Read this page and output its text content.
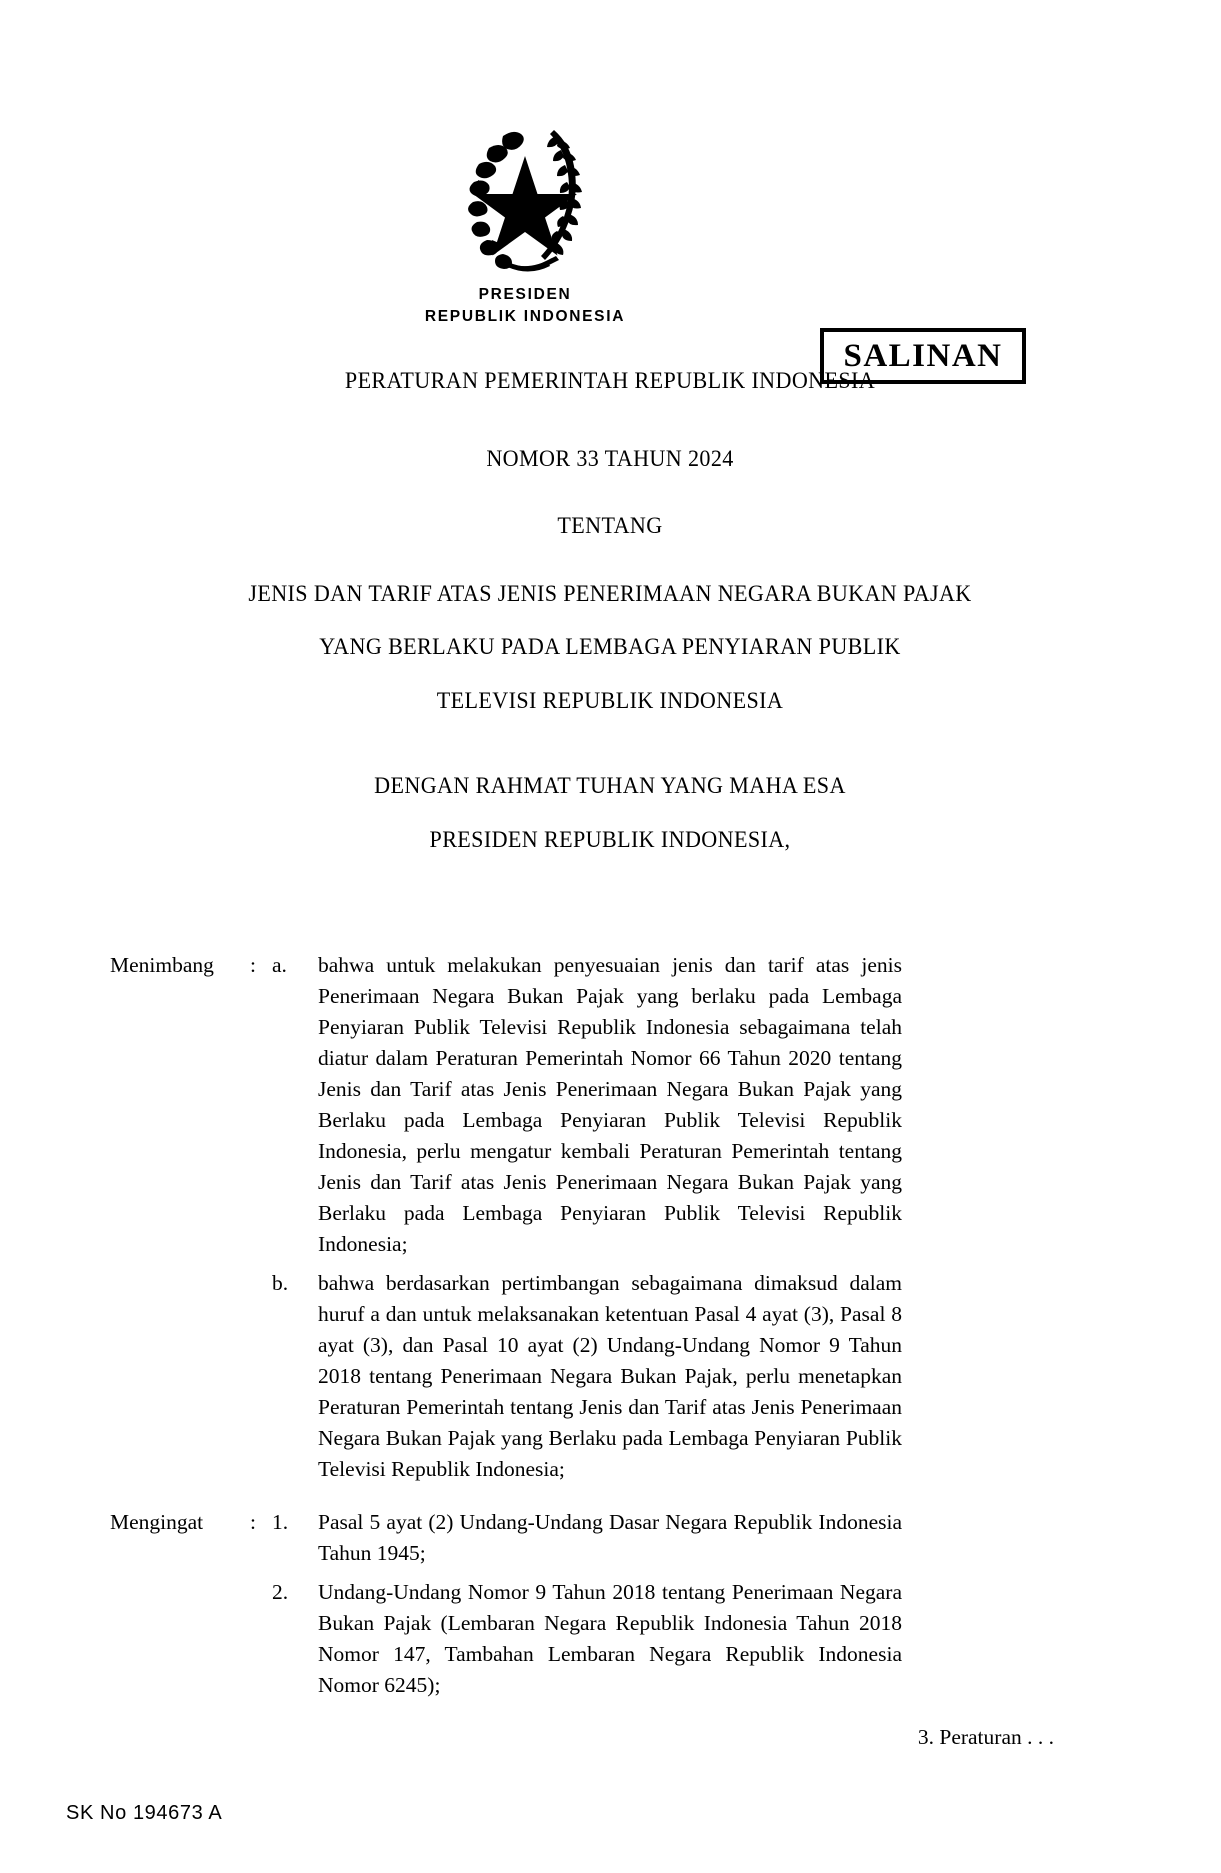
PRESIDEN
REPUBLIK INDONESIA
SALINAN
PERATURAN PEMERINTAH REPUBLIK INDONESIA
NOMOR 33 TAHUN 2024
TENTANG
JENIS DAN TARIF ATAS JENIS PENERIMAAN NEGARA BUKAN PAJAK
YANG BERLAKU PADA LEMBAGA PENYIARAN PUBLIK
TELEVISI REPUBLIK INDONESIA
DENGAN RAHMAT TUHAN YANG MAHA ESA
PRESIDEN REPUBLIK INDONESIA,
Menimbang	: a.	bahwa untuk melakukan penyesuaian jenis dan tarif atas jenis Penerimaan Negara Bukan Pajak yang berlaku pada Lembaga Penyiaran Publik Televisi Republik Indonesia sebagaimana telah diatur dalam Peraturan Pemerintah Nomor 66 Tahun 2020 tentang Jenis dan Tarif atas Jenis Penerimaan Negara Bukan Pajak yang Berlaku pada Lembaga Penyiaran Publik Televisi Republik Indonesia, perlu mengatur kembali Peraturan Pemerintah tentang Jenis dan Tarif atas Jenis Penerimaan Negara Bukan Pajak yang Berlaku pada Lembaga Penyiaran Publik Televisi Republik Indonesia;
b.	bahwa berdasarkan pertimbangan sebagaimana dimaksud dalam huruf a dan untuk melaksanakan ketentuan Pasal 4 ayat (3), Pasal 8 ayat (3), dan Pasal 10 ayat (2) Undang-Undang Nomor 9 Tahun 2018 tentang Penerimaan Negara Bukan Pajak, perlu menetapkan Peraturan Pemerintah tentang Jenis dan Tarif atas Jenis Penerimaan Negara Bukan Pajak yang Berlaku pada Lembaga Penyiaran Publik Televisi Republik Indonesia;
Mengingat	: 1.	Pasal 5 ayat (2) Undang-Undang Dasar Negara Republik Indonesia Tahun 1945;
2.	Undang-Undang Nomor 9 Tahun 2018 tentang Penerimaan Negara Bukan Pajak (Lembaran Negara Republik Indonesia Tahun 2018 Nomor 147, Tambahan Lembaran Negara Republik Indonesia Nomor 6245);
3. Peraturan . . .
SK No 194673 A
